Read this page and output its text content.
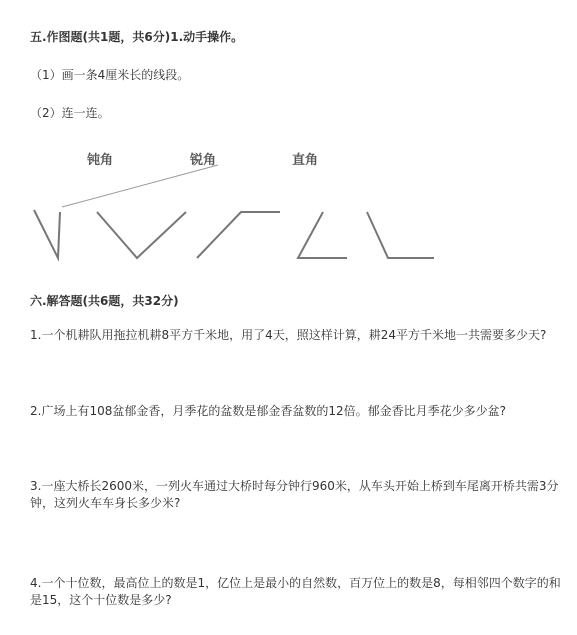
五.作图题(共1题，共6分)1.动手操作。
（1）画一条4厘米长的线段。
（2）连一连。
钝角	锐角	直角
六.解答题(共6题，共32分)
1.一个机耕队用拖拉机耕8平方千米地，用了4天，照这样计算，耕24平方千米地一共需要多少天?
2.广场上有108盆郁金香，月季花的盆数是郁金香盆数的12倍。郁金香比月季花少多少盆?
3.一座大桥长2600米，一列火车通过大桥时每分钟行960米，从车头开始上桥到车尾离开桥共需3分钟，这列火车车身长多少米?
4.一个十位数，最高位上的数是1，亿位上是最小的自然数，百万位上的数是8，每相邻四个数字的和是15，这个十位数是多少?
